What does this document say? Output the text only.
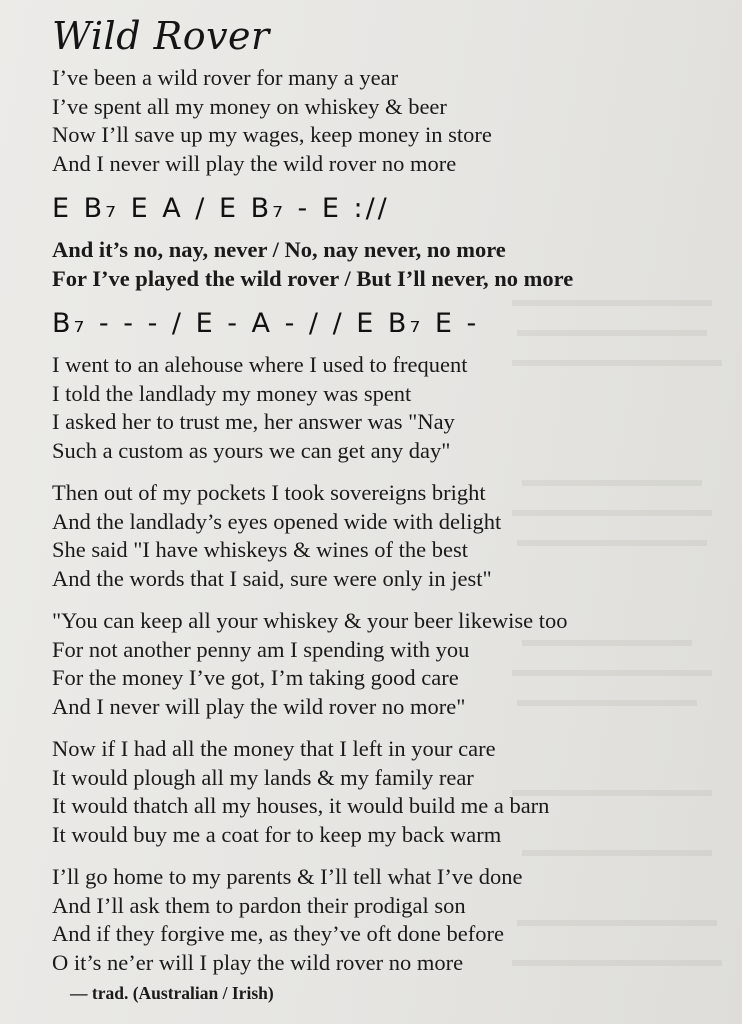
Wild Rover
I’ve been a wild rover for many a year
I’ve spent all my money on whiskey & beer
Now I’ll save up my wages, keep money in store
And I never will play the wild rover no more
E B₇ E A / E B₇ - E ://
And it’s no, nay, never / No, nay never, no more
For I’ve played the wild rover / But I’ll never, no more
B₇ - - - / E - A - / / E B₇ E -
I went to an alehouse where I used to frequent
I told the landlady my money was spent
I asked her to trust me, her answer was "Nay
Such a custom as yours we can get any day"
Then out of my pockets I took sovereigns bright
And the landlady’s eyes opened wide with delight
She said "I have whiskeys & wines of the best
And the words that I said, sure were only in jest"
"You can keep all your whiskey & your beer likewise too
For not another penny am I spending with you
For the money I’ve got, I’m taking good care
And I never will play the wild rover no more"
Now if I had all the money that I left in your care
It would plough all my lands & my family rear
It would thatch all my houses, it would build me a barn
It would buy me a coat for to keep my back warm
I’ll go home to my parents & I’ll tell what I’ve done
And I’ll ask them to pardon their prodigal son
And if they forgive me, as they’ve oft done before
O it’s ne’er will I play the wild rover no more
— trad. (Australian / Irish)
